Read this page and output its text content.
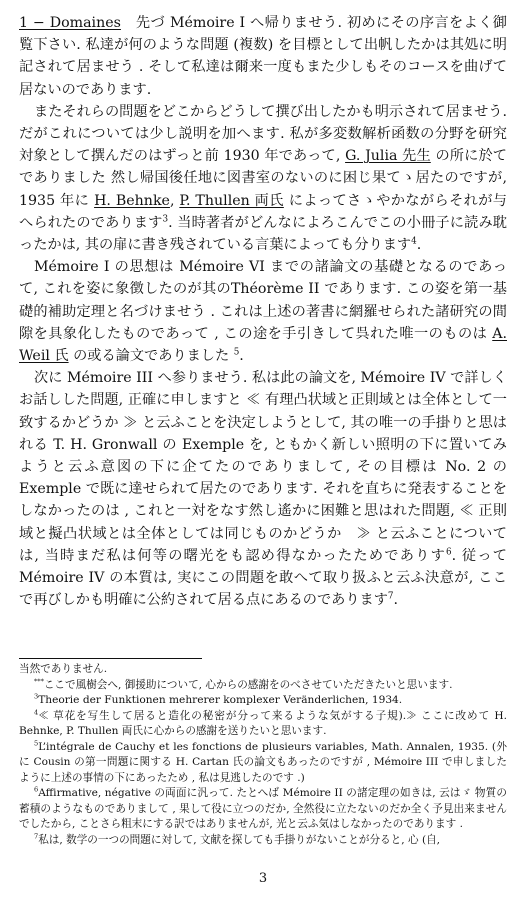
1 − Domaines　先づ Mémoire I へ帰りませう. 初めにその序言をよく御覧下さい. 私達が何のような問題 (複数) を目標として出帆したかは其処に明記されて居ませう . そして私達は爾来一度もまた少しもそのコースを曲げて居ないのであります.

またそれらの問題をどこからどうして撰び出したかも明示されて居ませう. だがこれについては少し説明を加へます. 私が多変数解析函数の分野を研究対象として撰んだのはずっと前 1930 年であって, G. Julia 先生 の所に於てでありました 然し帰国後任地に図書室のないのに困じ果てゝ居たのですが, 1935 年に H. Behnke, P. Thullen 両氏 によってさゝやかながらそれが与へられたのであります$^3$. 当時著者がどんなによろこんでこの小冊子に読み耽ったかは, 其の扉に書き残されている言葉によっても分ります$^4$.

Mémoire I の思想は Mémoire VI までの諸論文の基礎となるのであって, これを姿に象徴したのが其のThéorème II であります. この姿を第一基礎的補助定理と名づけませう . これは上述の著書に網羅せられた諸研究の間隙を具象化したものであって , この途を手引きして呉れた唯一のものは A. Weil 氏 の或る論文でありました $^5$.

次に Mémoire III へ参りませう. 私は此の論文を, Mémoire IV で詳しくお話しした問題, 正確に申しますと ≪ 有理凸状域と正則域とは全体として一致するかどうか ≫ と云ふことを決定しようとして, 其の唯一の手掛りと思はれる T. H. Gronwall の Exemple を, ともかく新しい照明の下に置いてみようと云ふ意図の下に企てたのでありまして, その目標は No. 2 の Exemple で既に達せられて居たのであります. それを直ちに発表することをしなかったのは , これと一対をなす然し遙かに困難と思はれた問題, ≪ 正則域と擬凸状域とは全体としては同じものかどうか　≫ と云ふことについては, 当時まだ私は何等の曙光をも認め得なかったためでありす$^6$. 従って Mémoire IV の本質は, 実にこの問題を敢へて取り扱ふと云ふ決意が, ここで再びしかも明確に公約されて居る点にあるのであります$^7$.

当然でありません.

***ここで風樹会へ, 御援助について, 心からの感謝をのべさせていただきたいと思います.

$^3$Theorie der Funktionen mehrerer komplexer Veränderlichen, 1934.

$^4$≪ 草花を写生して居ると造化の秘密が分って来るような気がする子規).≫ ここに改めて H. Behnke, P. Thullen 両氏に心からの感謝を送りたいと思います.

$^5$L’intégrale de Cauchy et les fonctions de plusieurs variables, Math. Annalen, 1935. (外に Cousin の第一問題に関する H. Cartan 氏の論文もあったのですが , Mémoire III で申しましたように上述の事情の下にあったため , 私は見逃したのです .)

$^6$Affirmative, négative の両面に汎って. たとへば Mémoire II の諸定理の如きは, 云はゞ 物質の蓄積のようなものでありまして , 果して役に立つのだか, 全然役に立たないのだか全く予見出来ませんでしたから, ことさら粗末にする訳ではありませんが, 光と云ふ気はしなかったのであります .

$^7$私は, 数学の一つの問題に対して, 文献を探しても手掛りがないことが分ると, 心 (自,

3
